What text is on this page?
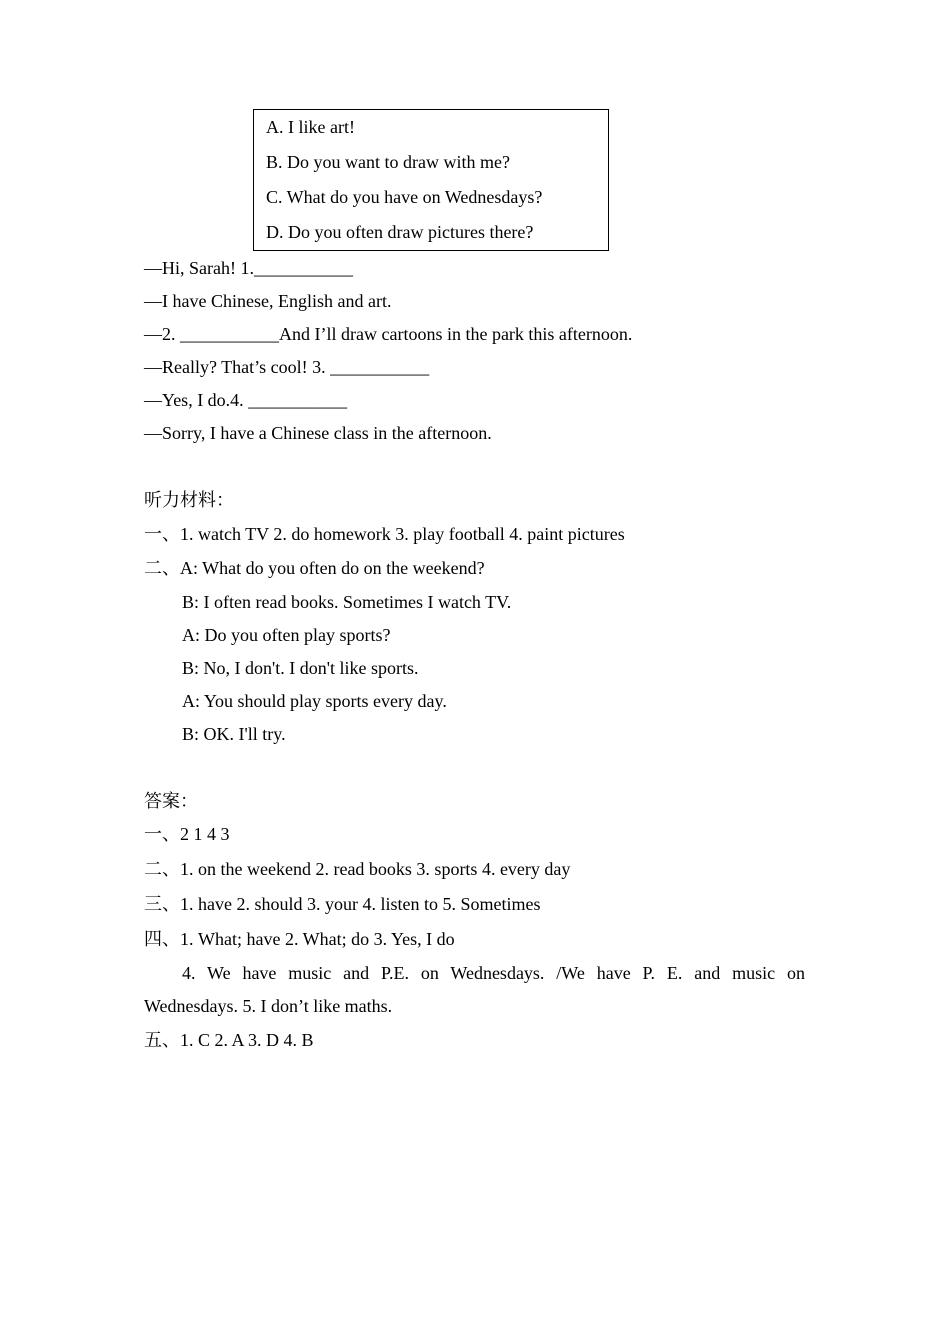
A. I like art!
B. Do you want to draw with me?
C. What do you have on Wednesdays?
D. Do you often draw pictures there?
—Hi, Sarah! 1.___________
—I have Chinese, English and art.
—2. ___________And I’ll draw cartoons in the park this afternoon.
—Really? That’s cool! 3. ___________
—Yes, I do.4. ___________
—Sorry, I have a Chinese class in the afternoon.
听力材料：
一、1. watch TV 2. do homework 3. play football 4. paint pictures
二、A: What do you often do on the weekend?
B: I often read books. Sometimes I watch TV.
A: Do you often play sports?
B: No, I don't. I don't like sports.
A: You should play sports every day.
B: OK. I'll try.
答案：
一、2 1 4 3
二、1. on the weekend 2. read books 3. sports 4. every day
三、1. have 2. should 3. your 4. listen to 5. Sometimes
四、1. What; have 2. What; do 3. Yes, I do
4. We have music and P.E. on Wednesdays. /We have P. E. and music on
Wednesdays. 5. I don’t like maths.
五、1. C 2. A 3. D 4. B
